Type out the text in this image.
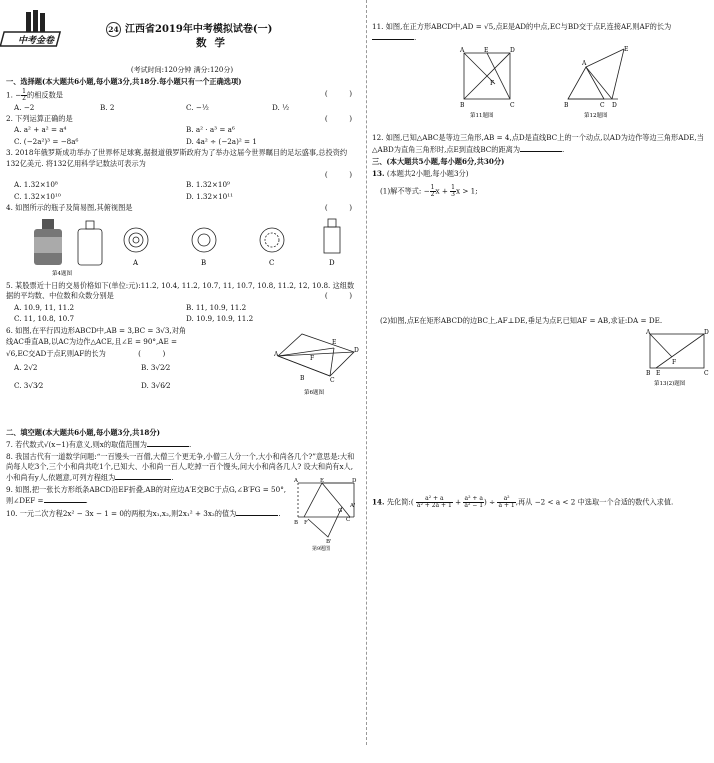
中考金卷
24 江西省2019年中考模拟试卷(一)
数学
(考试时间:120分钟 满分:120分)
一、选择题(本大题共6小题,每小题3分,共18分.每小题只有一个正确选项)
1. − $\frac{1}{2}$ 的相反数是	(　　　)
A. −2	B. 2	C. −½	D. ½
2. 下列运算正确的是	(　　　)
A. a² + a² = a⁴	B. a² · a³ = a⁶
C. (−2a²)³ = −8a⁶	D. 4a² ÷ (−2a)² = 1
3. 2018年俄罗斯成功举办了世界杯足球赛,据报道俄罗斯政府为了举办这届今世界瞩目的足坛盛事,总投资约132亿美元. 将132亿用科学记数法可表示为
(　　　)
A. 1.32×10⁸	B. 1.32×10⁹
C. 1.32×10¹⁰	D. 1.32×10¹¹
4. 如图所示的瓶子及简易图,其俯视图是	(　　　)
A	B	C	D
第4题图
5. 某股票近十日的交易价格如下(单位:元):11.2, 10.4, 11.2, 10.7, 11, 10.7, 10.8, 11.2, 12, 10.8. 这组数据的平均数、中位数和众数分别是	(　　　)
A. 10.9, 11, 11.2	B. 11, 10.9, 11.2
C. 11, 10.8, 10.7	D. 10.9, 10.9, 11.2
6. 如图,在平行四边形ABCD中,AB = 3,BC = 3√3,对角
线AC垂直AB,以AC为边作△ACE,且∠E = 90°,AE =
√6,EC交AD于点F,则AF的长为	(　　　)
A. 2√2	B. 3√2⁄2
C. 3√3⁄2	D. 3√6⁄2
A
E
D
F
C
B
第6题图
二、填空题(本大题共6小题,每小题3分,共18分)
7. 若代数式√(x−1)有意义,则x的取值范围为	.
8. 我国古代有一道数学问题:“一百馒头一百僧,大僧三个更无争,小僧三人分一个,大小和尚各几个?”意思是:大和尚每人吃3个,三个小和尚共吃1个,已知大、小和尚一百人,吃掉一百个馒头,问大小和尚各几人? 设大和尚有x人,小和尚有y人,依题意,可列方程组为	.
9. 如图,把一张长方形纸条ABCD沿EF折叠,AB的对应边A′E交BC于点G,∠B′FG = 50°,则∠DEF =	.
10. 一元二次方程2x² − 3x − 1 = 0的两根为x₁,x₂,则2x₁² + 3x₂的值为	.
A	E	D
B F
G
C
A'
B'
第9题图
11. 如图,在正方形ABCD中,AD = √5,点E是AD的中点,EC与BD交于点F,连接AF,则AF的长为.
A	E	D
F
B	C
第11题图
A
E
B	C D
第12题图
12. 如图,已知△ABC是等边三角形,AB = 4,点D是直线BC上的一个动点,以AD为边作等边三角形ADE,当△ABD为直角三角形时,点E到直线BC的距离为	.
三、(本大题共5小题,每小题6分,共30分)
13. (本题共2小题,每小题3分)
(1)解不等式: − $\frac{1}{2}$ $x + \frac{1}{3}$ x > 1;
(2)如图,点E在矩形ABCD的边BC上,AF⊥DE,垂足为点F,已知AF = AB,求证:DA = DE.
A	D
B E
F
C
第13(2)题图
14. 先化简:( $\frac{\text{a² + a}}{\text{a² + 2a + 1}} + \frac{\text{a² + a}}{\text{a² − 1}}$ ) ÷ $\frac{\text{a²}}{a + 1}$ ,再从 −2 < a < 2 中选取一个合适的数代入求值.
